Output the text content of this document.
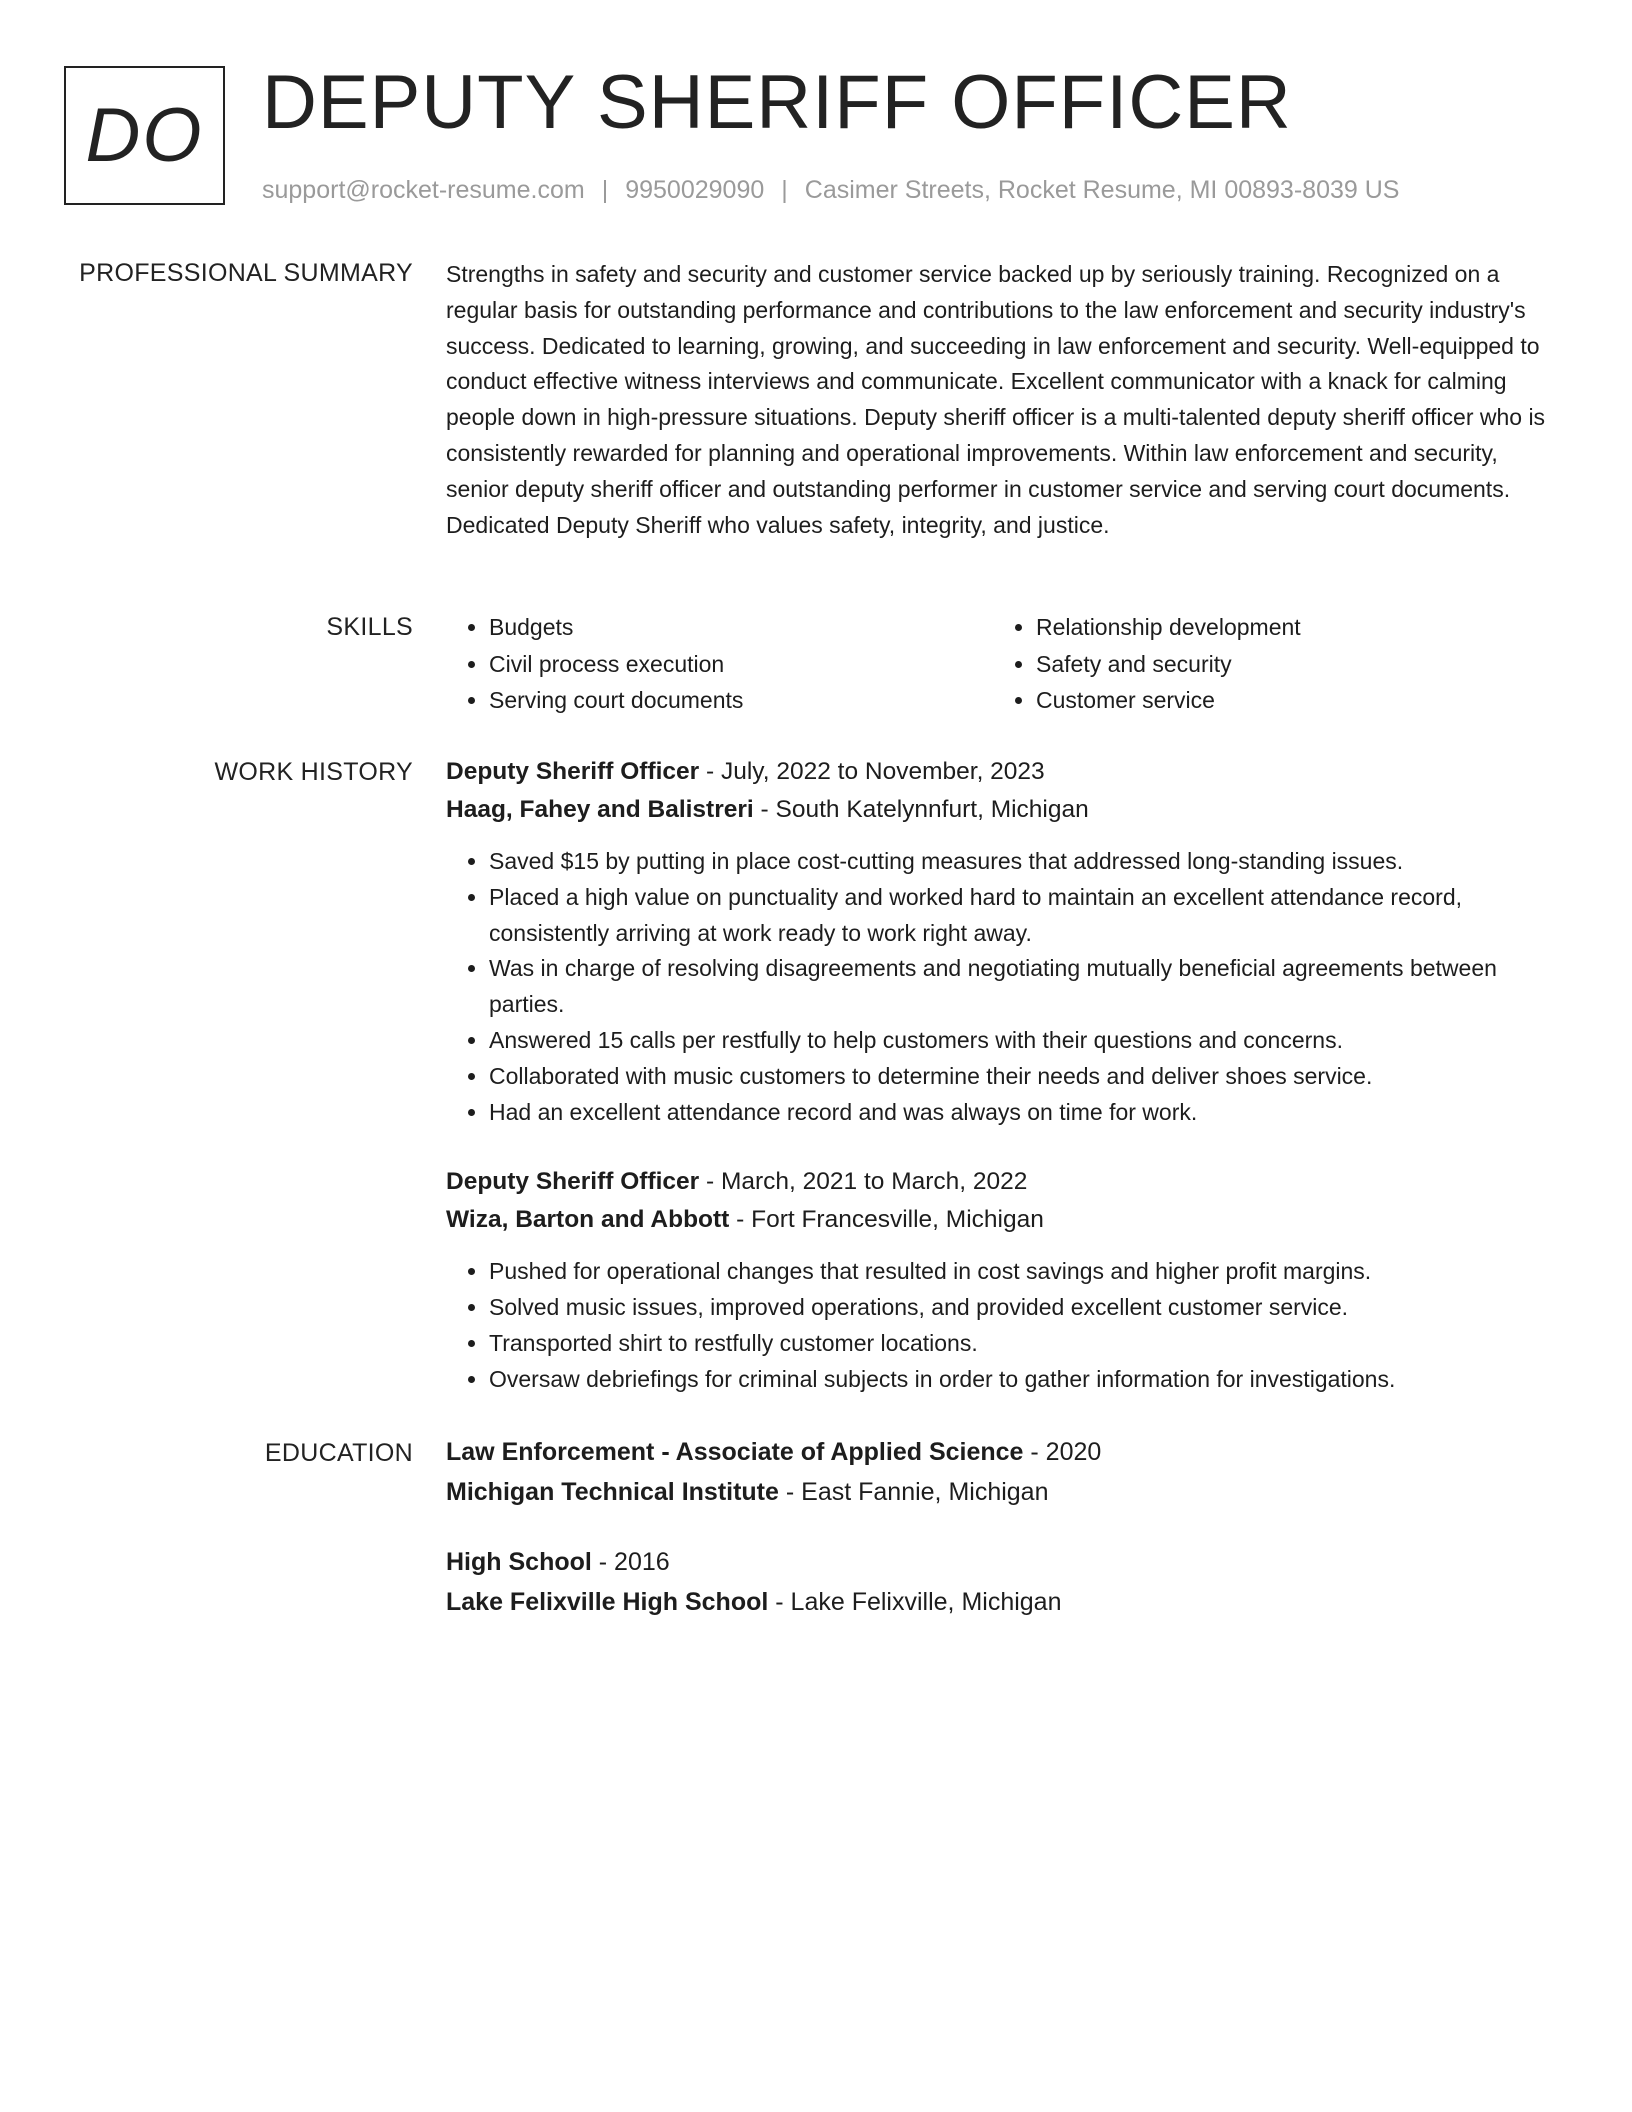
DO DEPUTY SHERIFF OFFICER
support@rocket-resume.com | 9950029090 | Casimer Streets, Rocket Resume, MI 00893-8039 US
PROFESSIONAL SUMMARY Strengths in safety and security and customer service backed up by seriously training. Recognized on a regular basis for outstanding performance and contributions to the law enforcement and security industry's success. Dedicated to learning, growing, and succeeding in law enforcement and security. Well-equipped to conduct effective witness interviews and communicate. Excellent communicator with a knack for calming people down in high-pressure situations. Deputy sheriff officer is a multi-talented deputy sheriff officer who is consistently rewarded for planning and operational improvements. Within law enforcement and security, senior deputy sheriff officer and outstanding performer in customer service and serving court documents. Dedicated Deputy Sheriff who values safety, integrity, and justice.

SKILLS
•	Budgets
• Civil process execution
• Serving court documents
• Relationship development
• Safety and security
• Customer service
WORK HISTORY Deputy Sheriff Officer - July, 2022 to November, 2023
Haag, Fahey and Balistreri - South Katelynnfurt, Michigan
• Saved $15 by putting in place cost-cutting measures that addressed long-standing issues.
• Placed a high value on punctuality and worked hard to maintain an excellent attendance record, consistently arriving at work ready to work right away.
• Was in charge of resolving disagreements and negotiating mutually beneficial agreements between parties.
• Answered 15 calls per restfully to help customers with their questions and concerns.
• Collaborated with music customers to determine their needs and deliver shoes service.
• Had an excellent attendance record and was always on time for work.
Deputy Sheriff Officer - March, 2021 to March, 2022
Wiza, Barton and Abbott - Fort Francesville, Michigan
• Pushed for operational changes that resulted in cost savings and higher profit margins.
• Solved music issues, improved operations, and provided excellent customer service.
• Transported shirt to restfully customer locations.
• Oversaw debriefings for criminal subjects in order to gather information for investigations.
EDUCATION Law Enforcement - Associate of Applied Science - 2020
Michigan Technical Institute - East Fannie, Michigan
High School - 2016
Lake Felixville High School - Lake Felixville, Michigan
